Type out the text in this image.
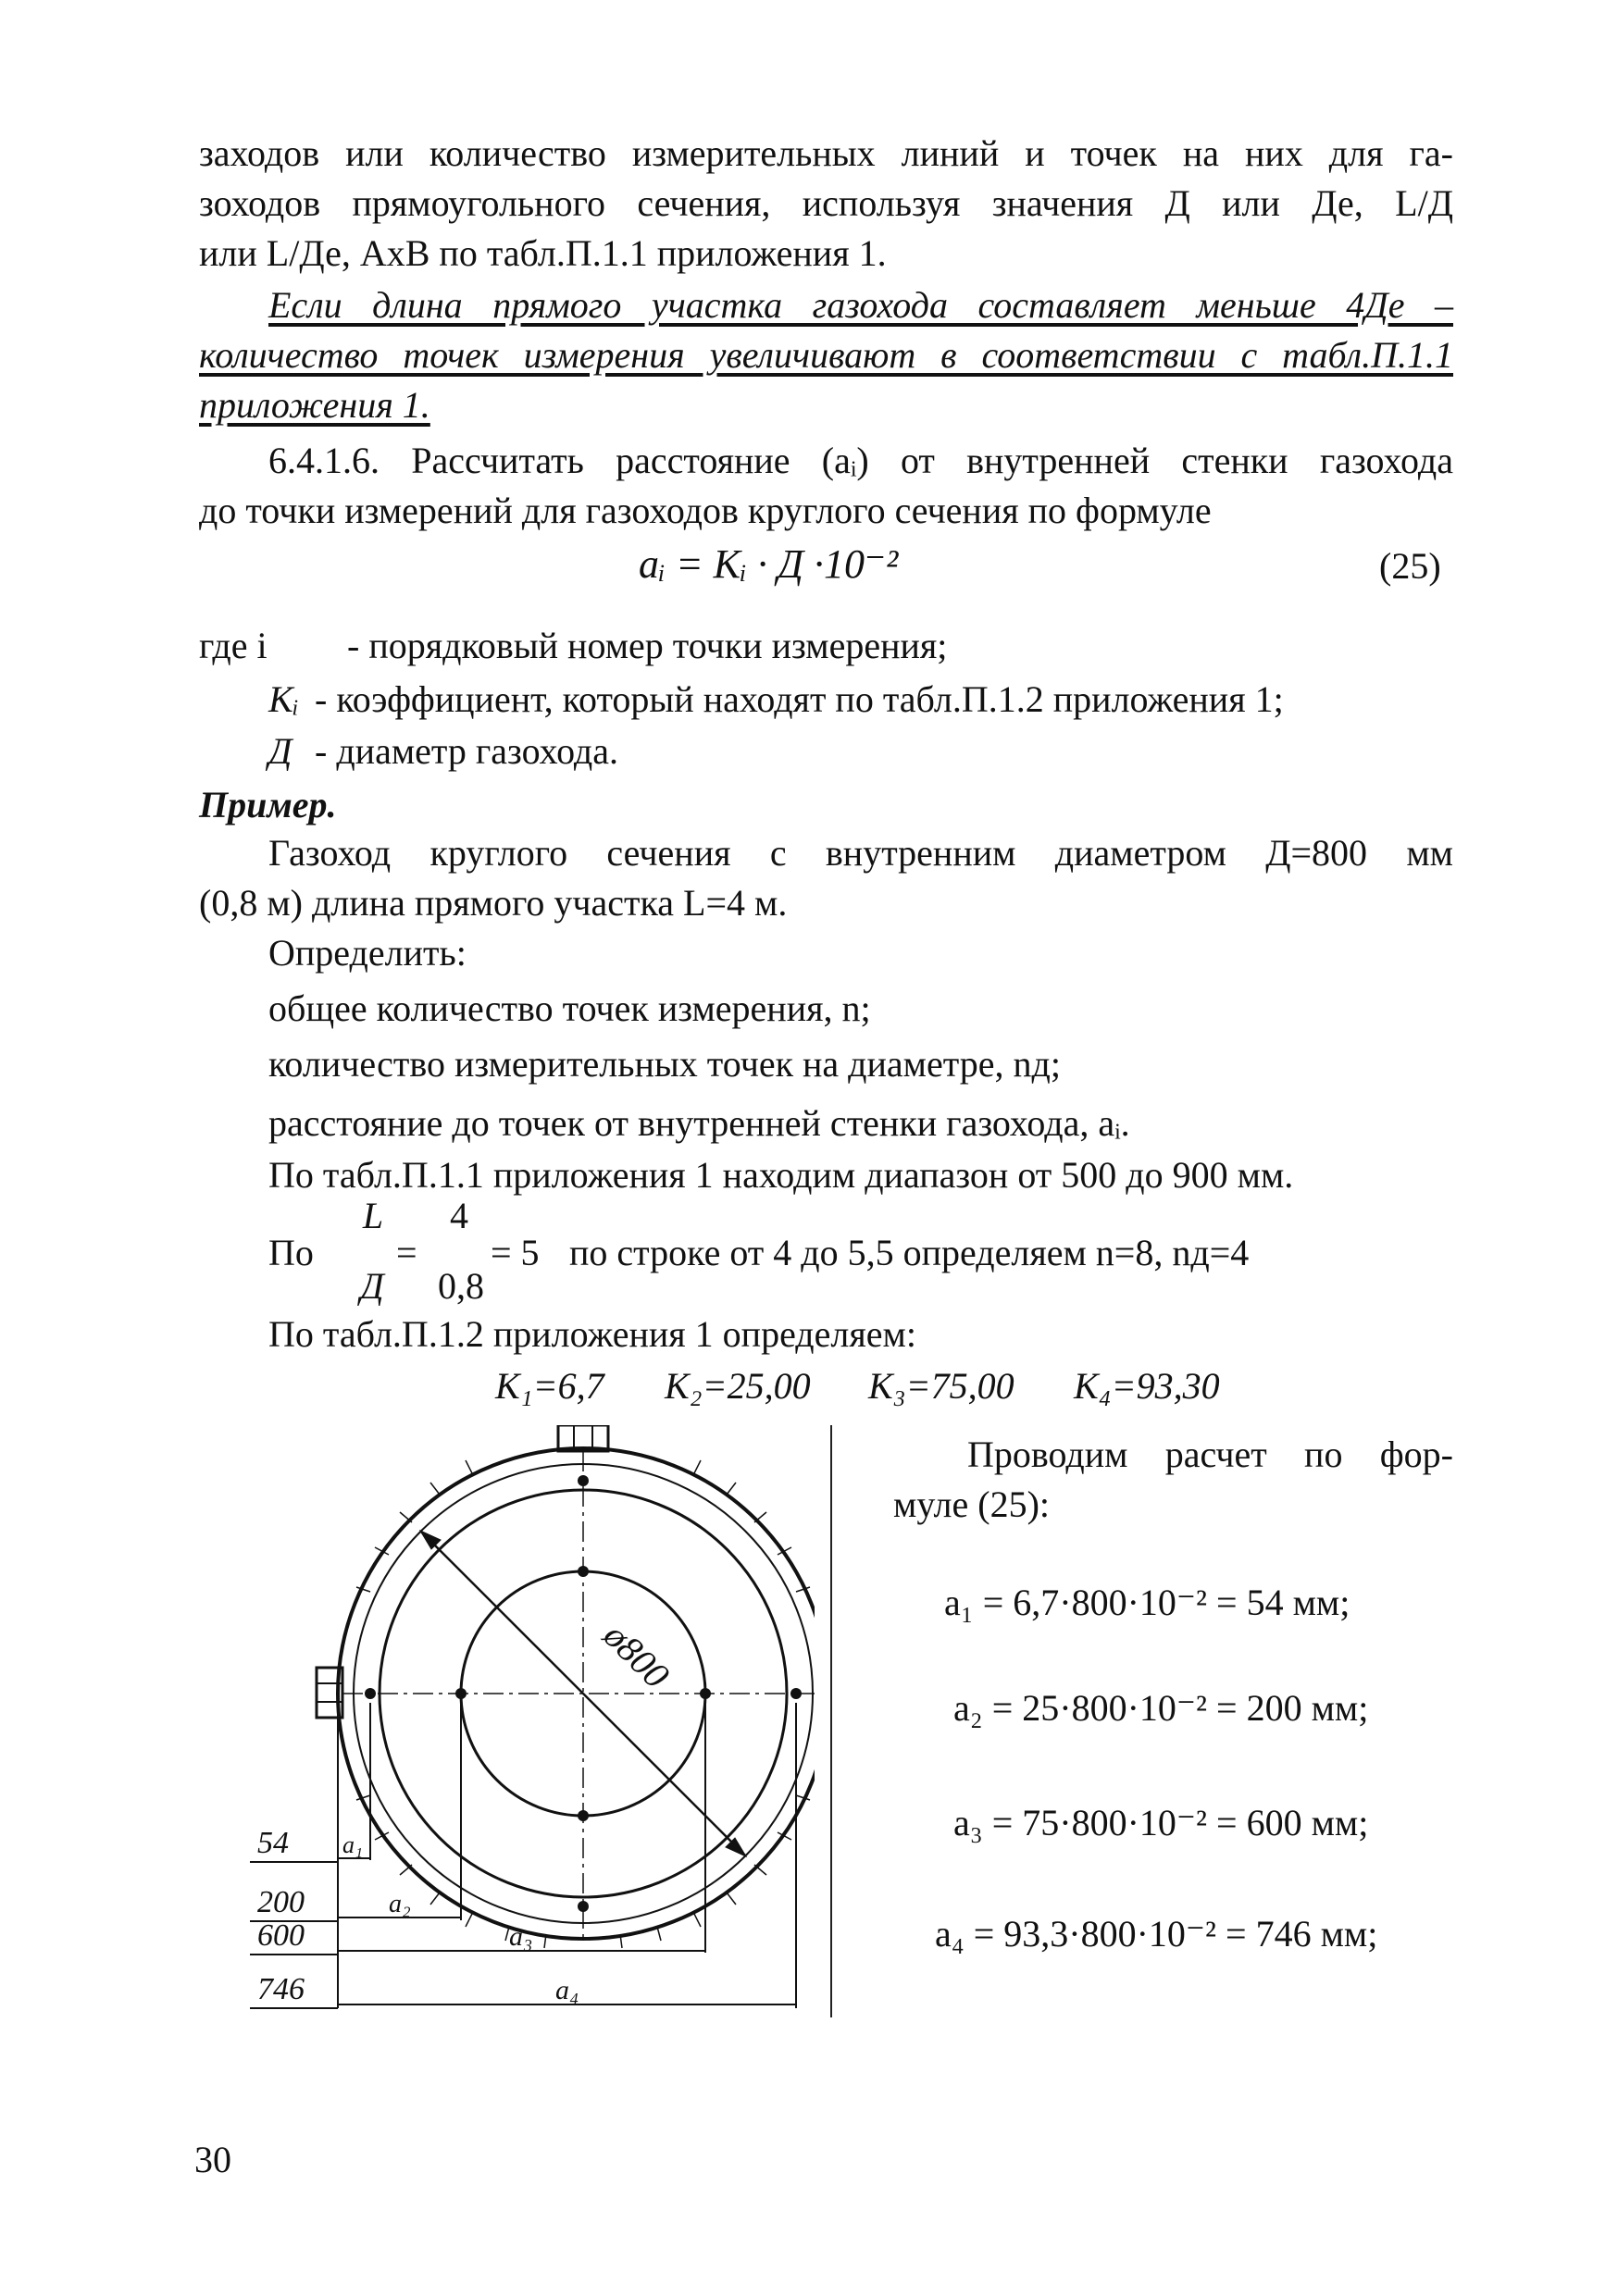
заходов или количество измерительных линий и точек на них для га-
зоходов прямоугольного сечения, используя значения Д или Де, L/Д
или L/Де, АхВ по табл.П.1.1 приложения 1.
Если длина прямого участка газохода составляет меньше 4Де –
количество точек измерения увеличивают в соответствии с табл.П.1.1
приложения 1.
6.4.1.6. Рассчитать расстояние (aᵢ) от внутренней стенки газохода
до точки измерений для газоходов круглого сечения по формуле
aᵢ = Kᵢ · Д ·10⁻²	(25)
где i - порядковый номер точки измерения;
Kᵢ - коэффициент, который находят по табл.П.1.2 приложения 1;
Д - диаметр газохода.
Пример.
Газоход круглого сечения с внутренним диаметром Д=800 мм
(0,8 м) длина прямого участка L=4 м.
Определить:
общее количество точек измерения, n;
количество измерительных точек на диаметре, nд;
расстояние до точек от внутренней стенки газохода, aᵢ.
По табл.П.1.1 приложения 1 находим диапазон от 500 до 900 мм.
По
L
Д
=
4
0,8
= 5 по строке от 4 до 5,5 определяем n=8, nд=4
По табл.П.1.2 приложения 1 определяем:
K₁=6,7 K₂=25,00 K₃=75,00 K₄=93,30
ø800
54
200
600
746
a₁
a₂
a₃
a₄
Проводим расчет по фор-
муле (25):
a₁ = 6,7·800·10⁻² = 54 мм;
a₂ = 25·800·10⁻² = 200 мм;
a₃ = 75·800·10⁻² = 600 мм;
a₄ = 93,3·800·10⁻² = 746 мм;
30
